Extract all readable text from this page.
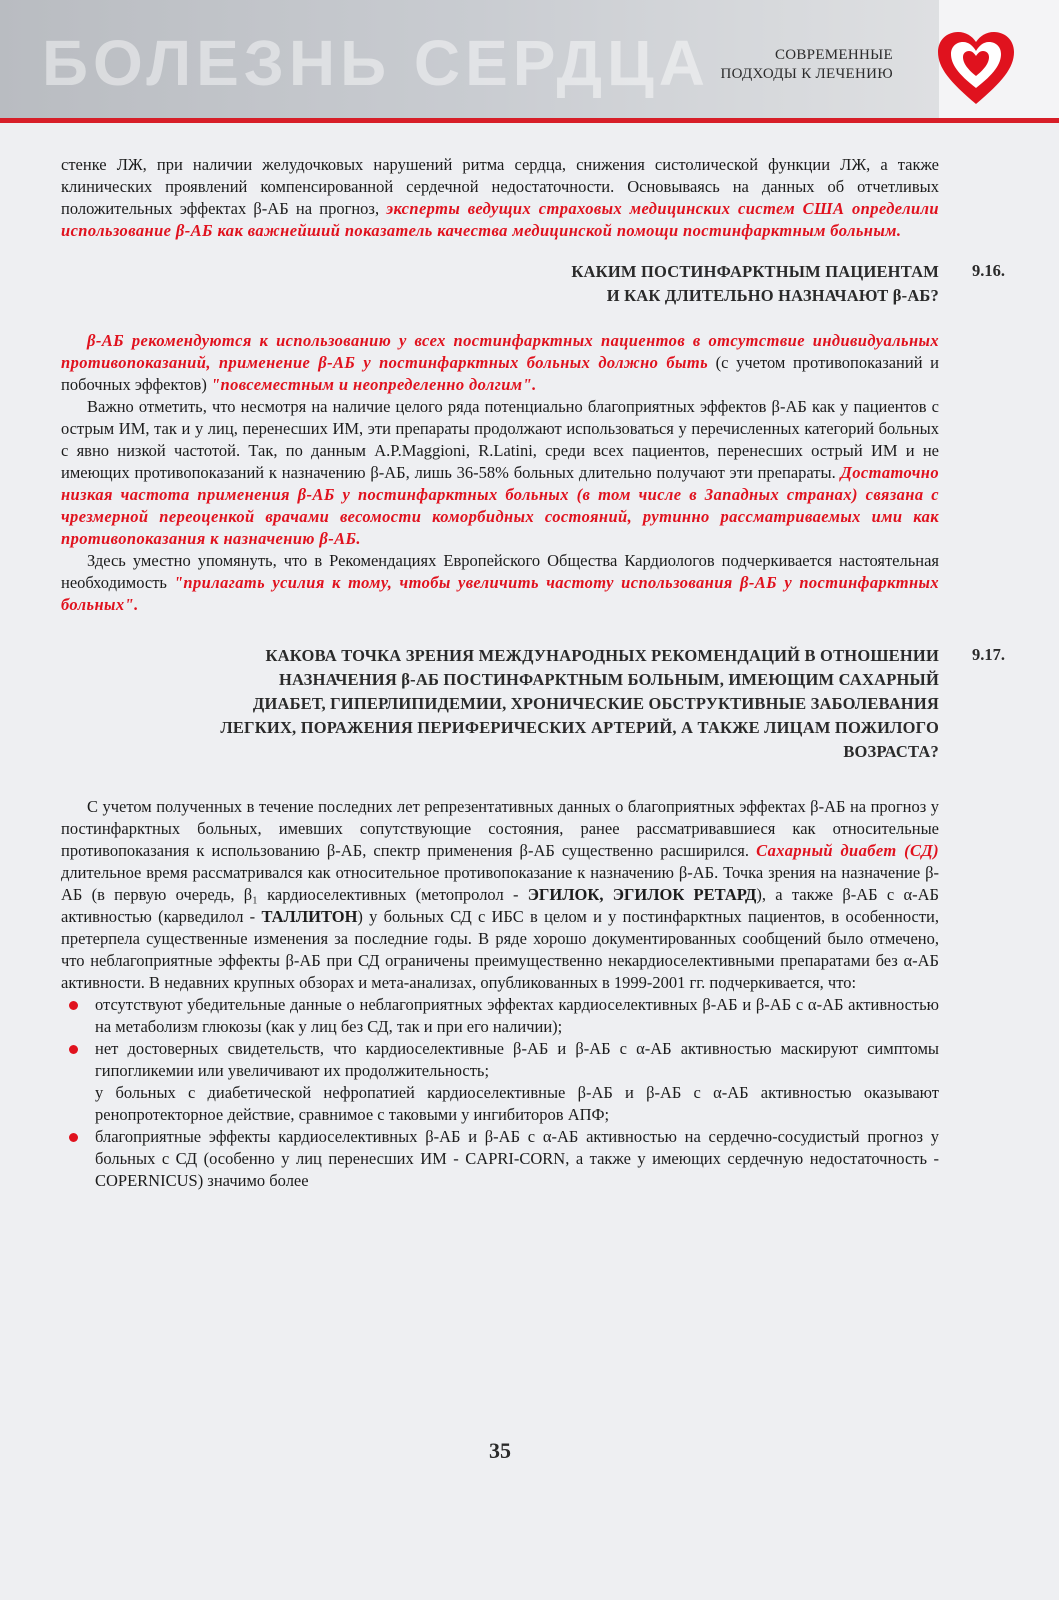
БОЛЕЗНЬ СЕРДЦА	СОВРЕМЕННЫЕ
ПОДХОДЫ К ЛЕЧЕНИЮ

стенке ЛЖ, при наличии желудочковых нарушений ритма сердца, снижения систолической функции ЛЖ, а также клинических проявлений компенсированной сердечной недостаточности. Основываясь на данных об отчетливых положительных эффектах β-АБ на прогноз, эксперты ведущих страховых медицинских систем США определили использование β-АБ как важнейший показатель качества медицинской помощи постинфарктным больным.

КАКИМ ПОСТИНФАРКТНЫМ ПАЦИЕНТАМ
И КАК ДЛИТЕЛЬНО НАЗНАЧАЮТ β-АБ?
9.16.

β-АБ рекомендуются к использованию у всех постинфарктных пациентов в отсутствие индивидуальных противопоказаний, применение β-АБ у постинфарктных больных должно быть (с учетом противопоказаний и побочных эффектов) "повсеместным и неопределенно долгим".

Важно отметить, что несмотря на наличие целого ряда потенциально благоприятных эффектов β-АБ как у пациентов с острым ИМ, так и у лиц, перенесших ИМ, эти препараты продолжают использоваться у перечисленных категорий больных с явно низкой частотой. Так, по данным A.P.Maggioni, R.Latini, среди всех пациентов, перенесших острый ИМ и не имеющих противопоказаний к назначению β-АБ, лишь 36-58% больных длительно получают эти препараты. Достаточно низкая частота применения β-АБ у постинфарктных больных (в том числе в Западных странах) связана с чрезмерной переоценкой врачами весомости коморбидных состояний, рутинно рассматриваемых ими как противопоказания к назначению β-АБ.

Здесь уместно упомянуть, что в Рекомендациях Европейского Общества Кардиологов подчеркивается настоятельная необходимость "прилагать усилия к тому, чтобы увеличить частоту использования β-АБ у постинфарктных больных".

КАКОВА ТОЧКА ЗРЕНИЯ МЕЖДУНАРОДНЫХ РЕКОМЕНДАЦИЙ В ОТНОШЕНИИ
НАЗНАЧЕНИЯ β-АБ ПОСТИНФАРКТНЫМ БОЛЬНЫМ, ИМЕЮЩИМ САХАРНЫЙ
ДИАБЕТ, ГИПЕРЛИПИДЕМИИ, ХРОНИЧЕСКИЕ ОБСТРУКТИВНЫЕ ЗАБОЛЕВАНИЯ
ЛЕГКИХ, ПОРАЖЕНИЯ ПЕРИФЕРИЧЕСКИХ АРТЕРИЙ, А ТАКЖЕ ЛИЦАМ ПОЖИЛОГО
ВОЗРАСТА?
9.17.

С учетом полученных в течение последних лет репрезентативных данных о благоприятных эффектах β-АБ на прогноз у постинфарктных больных, имевших сопутствующие состояния, ранее рассматривавшиеся как относительные противопоказания к использованию β-АБ, спектр применения β-АБ существенно расширился. Сахарный диабет (СД) длительное время рассматривался как относительное противопоказание к назначению β-АБ. Точка зрения на назначение β-АБ (в первую очередь, β₁ кардиоселективных (метопролол - ЭГИЛОК, ЭГИЛОК РЕТАРД), а также β-АБ с α-АБ активностью (карведилол - ТАЛЛИТОН) у больных СД с ИБС в целом и у постинфарктных пациентов, в особенности, претерпела существенные изменения за последние годы. В ряде хорошо документированных сообщений было отмечено, что неблагоприятные эффекты β-АБ при СД ограничены преимущественно некардиоселективными препаратами без α-АБ активности. В недавних крупных обзорах и мета-анализах, опубликованных в 1999-2001 гг. подчеркивается, что:

отсутствуют убедительные данные о неблагоприятных эффектах кардиоселективных β-АБ и β-АБ с α-АБ активностью на метаболизм глюкозы (как у лиц без СД, так и при его наличии);
нет достоверных свидетельств, что кардиоселективные β-АБ и β-АБ с α-АБ активностью маскируют симптомы гипогликемии или увеличивают их продолжительность;
у больных с диабетической нефропатией кардиоселективные β-АБ и β-АБ с α-АБ активностью оказывают ренопротекторное действие, сравнимое с таковыми у ингибиторов АПФ;
благоприятные эффекты кардиоселективных β-АБ и β-АБ с α-АБ активностью на сердечно-сосудистый прогноз у больных с СД (особенно у лиц перенесших ИМ - CAPRI-CORN, а также у имеющих сердечную недостаточность - COPERNICUS) значимо более
35
